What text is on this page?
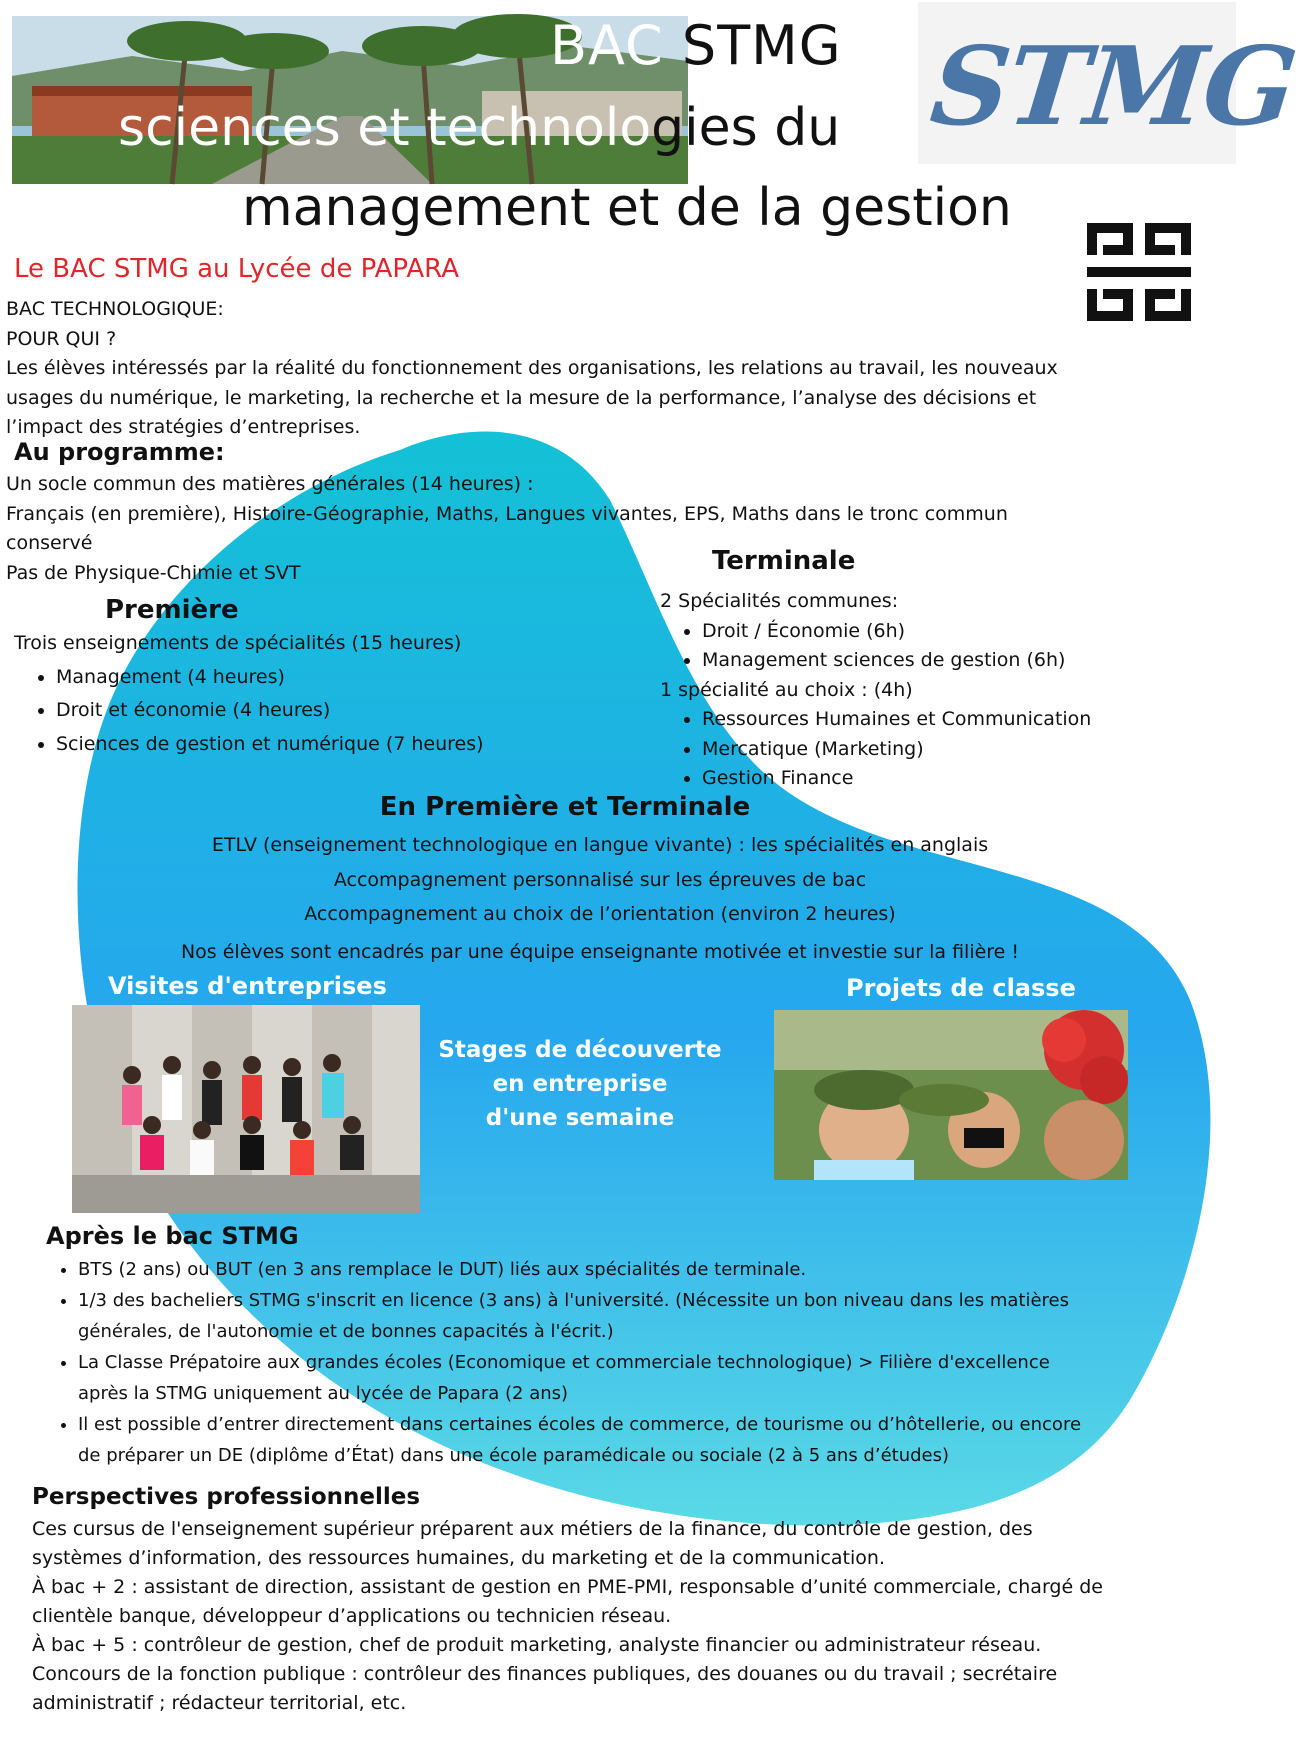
BAC STMG
sciences et technologies du
management et de la gestion
STMG
Le BAC STMG au Lycée de PAPARA
BAC TECHNOLOGIQUE:
POUR QUI ?
Les élèves intéressés par la réalité du fonctionnement des organisations, les relations au travail, les nouveaux
usages du numérique, le marketing, la recherche et la mesure de la performance, l’analyse des décisions et
l’impact des stratégies d’entreprises.
Au programme:
Un socle commun des matières générales (14 heures) :
Français (en première), Histoire-Géographie, Maths, Langues vivantes, EPS, Maths dans le tronc commun
conservé
Pas de Physique-Chimie et SVT
Première
Trois enseignements de spécialités (15 heures)
• Management (4 heures)
• Droit et économie (4 heures)
• Sciences de gestion et numérique (7 heures)
Terminale
2 Spécialités communes:
• Droit / Économie (6h)
• Management sciences de gestion (6h)
1 spécialité au choix : (4h)
• Ressources Humaines et Communication
• Mercatique (Marketing)
• Gestion Finance
En Première et Terminale
ETLV (enseignement technologique en langue vivante) : les spécialités en anglais
Accompagnement personnalisé sur les épreuves de bac
Accompagnement au choix de l’orientation (environ 2 heures)
Nos élèves sont encadrés par une équipe enseignante motivée et investie sur la filière !
Visites d'entreprises	Projets de classe
Stages de découverte
en entreprise
d'une semaine
Après le bac STMG
• BTS (2 ans) ou BUT (en 3 ans remplace le DUT) liés aux spécialités de terminale.
• 1/3 des bacheliers STMG s'inscrit en licence (3 ans) à l'université. (Nécessite un bon niveau dans les matières
générales, de l'autonomie et de bonnes capacités à l'écrit.)
• La Classe Prépatoire aux grandes écoles (Economique et commerciale technologique) > Filière d'excellence
après la STMG uniquement au lycée de Papara (2 ans)
• Il est possible d’entrer directement dans certaines écoles de commerce, de tourisme ou d’hôtellerie, ou encore
de préparer un DE (diplôme d’État) dans une école paramédicale ou sociale (2 à 5 ans d’études)
Perspectives professionnelles
Ces cursus de l'enseignement supérieur préparent aux métiers de la finance, du contrôle de gestion, des
systèmes d’information, des ressources humaines, du marketing et de la communication.
À bac + 2 : assistant de direction, assistant de gestion en PME-PMI, responsable d’unité commerciale, chargé de
clientèle banque, développeur d’applications ou technicien réseau.
À bac + 5 : contrôleur de gestion, chef de produit marketing, analyste financier ou administrateur réseau.
Concours de la fonction publique : contrôleur des finances publiques, des douanes ou du travail ; secrétaire
administratif ; rédacteur territorial, etc.
